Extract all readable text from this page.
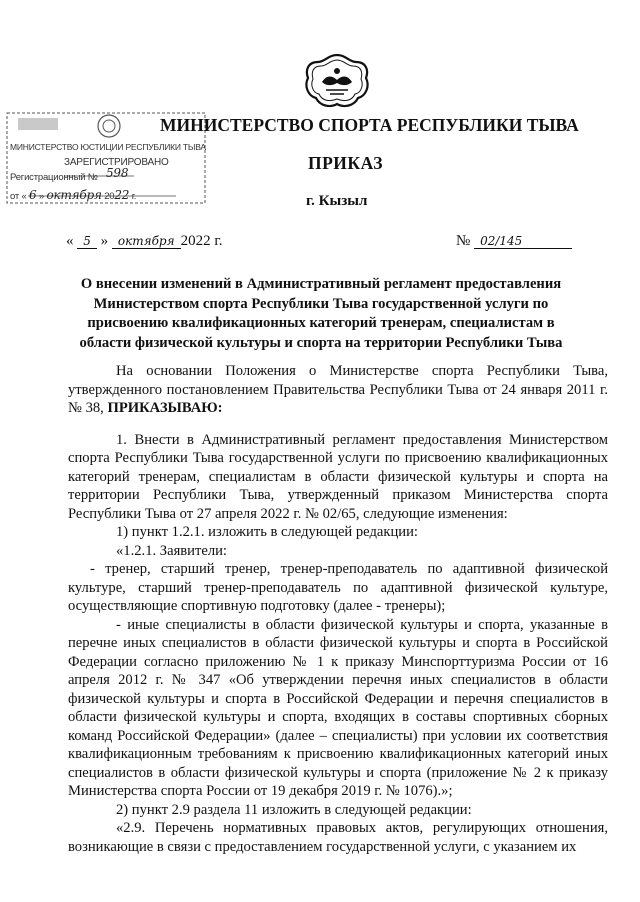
МИНИСТЕРСТВО ЮСТИЦИИ РЕСПУБЛИКИ ТЫВА
ЗАРЕГИСТРИРОВАНО
Регистрационный № 598
от « 6 » октября 2022 г.
МИНИСТЕРСТВО СПОРТА РЕСПУБЛИКИ ТЫВА
ПРИКАЗ
г. Кызыл
« 5 » октября 2022 г.	№ 02/145
О внесении изменений в Административный регламент предоставления Министерством спорта Республики Тыва государственной услуги по присвоению квалификационных категорий тренерам, специалистам в области физической культуры и спорта на территории Республики Тыва

На основании Положения о Министерстве спорта Республики Тыва, утвержденного постановлением Правительства Республики Тыва от 24 января 2011 г. № 38, ПРИКАЗЫВАЮ:

1. Внести в Административный регламент предоставления Министерством спорта Республики Тыва государственной услуги по присвоению квалификационных категорий тренерам, специалистам в области физической культуры и спорта на территории Республики Тыва, утвержденный приказом Министерства спорта Республики Тыва от 27 апреля 2022 г. № 02/65, следующие изменения:

1) пункт 1.2.1. изложить в следующей редакции:

«1.2.1. Заявители:

- тренер, старший тренер, тренер-преподаватель по адаптивной физической культуре, старший тренер-преподаватель по адаптивной физической культуре, осуществляющие спортивную подготовку (далее - тренеры);

- иные специалисты в области физической культуры и спорта, указанные в перечне иных специалистов в области физической культуры и спорта в Российской Федерации согласно приложению № 1 к приказу Минспорттуризма России от 16 апреля 2012 г. № 347 «Об утверждении перечня иных специалистов в области физической культуры и спорта в Российской Федерации и перечня специалистов в области физической культуры и спорта, входящих в составы спортивных сборных команд Российской Федерации» (далее – специалисты) при условии их соответствия квалификационным требованиям к присвоению квалификационных категорий иных специалистов в области физической культуры и спорта (приложение № 2 к приказу Министерства спорта России от 19 декабря 2019 г. № 1076).»;

2) пункт 2.9 раздела 11 изложить в следующей редакции:

«2.9. Перечень нормативных правовых актов, регулирующих отношения, возникающие в связи с предоставлением государственной услуги, с указанием их
